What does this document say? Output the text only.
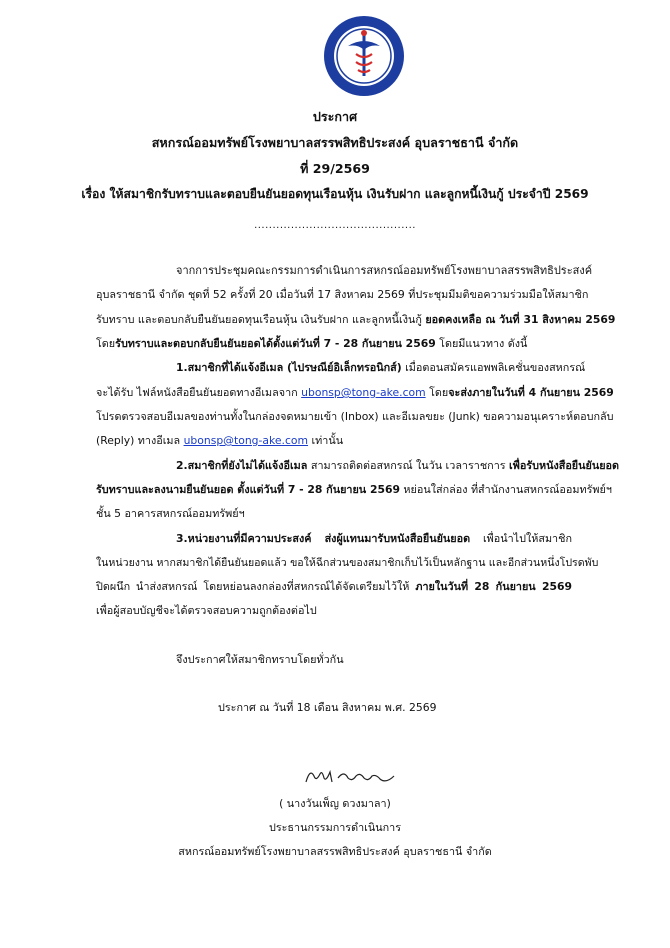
ประกาศ
สหกรณ์ออมทรัพย์โรงพยาบาลสรรพสิทธิประสงค์ อุบลราชธานี จำกัด
ที่ 29/2569
เรื่อง ให้สมาชิกรับทราบและตอบยืนยันยอดทุนเรือนหุ้น เงินรับฝาก และลูกหนี้เงินกู้ ประจำปี 2569
............................................
จากการประชุมคณะกรรมการดำเนินการสหกรณ์ออมทรัพย์โรงพยาบาลสรรพสิทธิประสงค์
อุบลราชธานี จำกัด ชุดที่ 52 ครั้งที่ 20 เมื่อวันที่ 17 สิงหาคม 2569 ที่ประชุมมีมติขอความร่วมมือให้สมาชิก
รับทราบ และตอบกลับยืนยันยอดทุนเรือนหุ้น เงินรับฝาก และลูกหนี้เงินกู้ ยอดคงเหลือ ณ วันที่ 31 สิงหาคม 2569
โดยรับทราบและตอบกลับยืนยันยอดได้ตั้งแต่วันที่ 7 - 28 กันยายน 2569 โดยมีแนวทาง ดังนี้
1.สมาชิกที่ได้แจ้งอีเมล (ไปรษณีย์อิเล็กทรอนิกส์) เมื่อตอนสมัครแอพพลิเคชั่นของสหกรณ์
จะได้รับ ไฟล์หนังสือยืนยันยอดทางอีเมลจาก ubonsp@tong-ake.com โดยจะส่งภายในวันที่ 4 กันยายน 2569
โปรดตรวจสอบอีเมลของท่านทั้งในกล่องจดหมายเข้า (Inbox) และอีเมลขยะ (Junk) ขอความอนุเคราะห์ตอบกลับ
(Reply) ทางอีเมล ubonsp@tong-ake.com เท่านั้น
2.สมาชิกที่ยังไม่ได้แจ้งอีเมล สามารถติดต่อสหกรณ์ ในวัน เวลาราชการ เพื่อรับหนังสือยืนยันยอด
รับทราบและลงนามยืนยันยอด ตั้งแต่วันที่ 7 - 28 กันยายน 2569 หย่อนใส่กล่อง ที่สำนักงานสหกรณ์ออมทรัพย์ฯ
ชั้น 5 อาคารสหกรณ์ออมทรัพย์ฯ
3.หน่วยงานที่มีความประสงค์ ส่งผู้แทนมารับหนังสือยืนยันยอด เพื่อนำไปให้สมาชิก
ในหน่วยงาน หากสมาชิกได้ยืนยันยอดแล้ว ขอให้ฉีกส่วนของสมาชิกเก็บไว้เป็นหลักฐาน และอีกส่วนหนึ่งโปรดพับ
ปิดผนึก นำส่งสหกรณ์ โดยหย่อนลงกล่องที่สหกรณ์ได้จัดเตรียมไว้ให้ ภายในวันที่ 28 กันยายน 2569
เพื่อผู้สอบบัญชีจะได้ตรวจสอบความถูกต้องต่อไป
จึงประกาศให้สมาชิกทราบโดยทั่วกัน
ประกาศ ณ วันที่ 18 เดือน สิงหาคม พ.ศ. 2569
( นางวันเพ็ญ ดวงมาลา)
ประธานกรรมการดำเนินการ
สหกรณ์ออมทรัพย์โรงพยาบาลสรรพสิทธิประสงค์ อุบลราชธานี จำกัด
